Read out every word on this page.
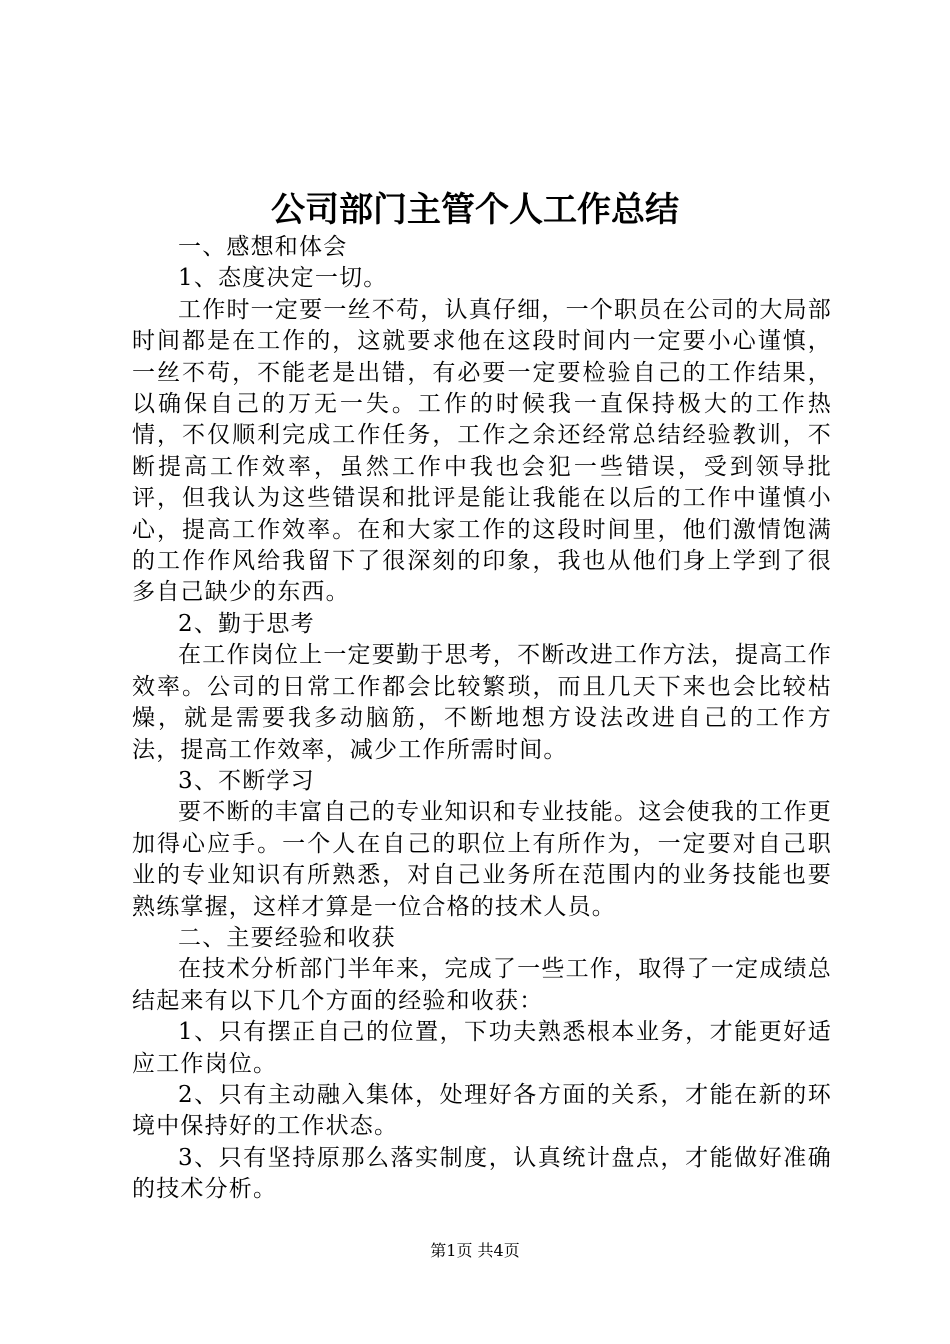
公司部门主管个人工作总结

一、感想和体会

1、态度决定一切。

工作时一定要一丝不苟，认真仔细，一个职员在公司的大局部时间都是在工作的，这就要求他在这段时间内一定要小心谨慎，一丝不苟，不能老是出错，有必要一定要检验自己的工作结果，以确保自己的万无一失。工作的时候我一直保持极大的工作热情，不仅顺利完成工作任务，工作之余还经常总结经验教训，不断提高工作效率，虽然工作中我也会犯一些错误，受到领导批评，但我认为这些错误和批评是能让我能在以后的工作中谨慎小心，提高工作效率。在和大家工作的这段时间里，他们激情饱满的工作作风给我留下了很深刻的印象，我也从他们身上学到了很多自己缺少的东西。

2、勤于思考

在工作岗位上一定要勤于思考，不断改进工作方法，提高工作效率。公司的日常工作都会比较繁琐，而且几天下来也会比较枯燥，就是需要我多动脑筋，不断地想方设法改进自己的工作方法，提高工作效率，减少工作所需时间。

3、不断学习

要不断的丰富自己的专业知识和专业技能。这会使我的工作更加得心应手。一个人在自己的职位上有所作为，一定要对自己职业的专业知识有所熟悉，对自己业务所在范围内的业务技能也要熟练掌握，这样才算是一位合格的技术人员。

二、主要经验和收获

在技术分析部门半年来，完成了一些工作，取得了一定成绩总结起来有以下几个方面的经验和收获：

1、只有摆正自己的位置，下功夫熟悉根本业务，才能更好适应工作岗位。

2、只有主动融入集体，处理好各方面的关系，才能在新的环境中保持好的工作状态。

3、只有坚持原那么落实制度，认真统计盘点，才能做好准确的技术分析。

第1页 共4页
